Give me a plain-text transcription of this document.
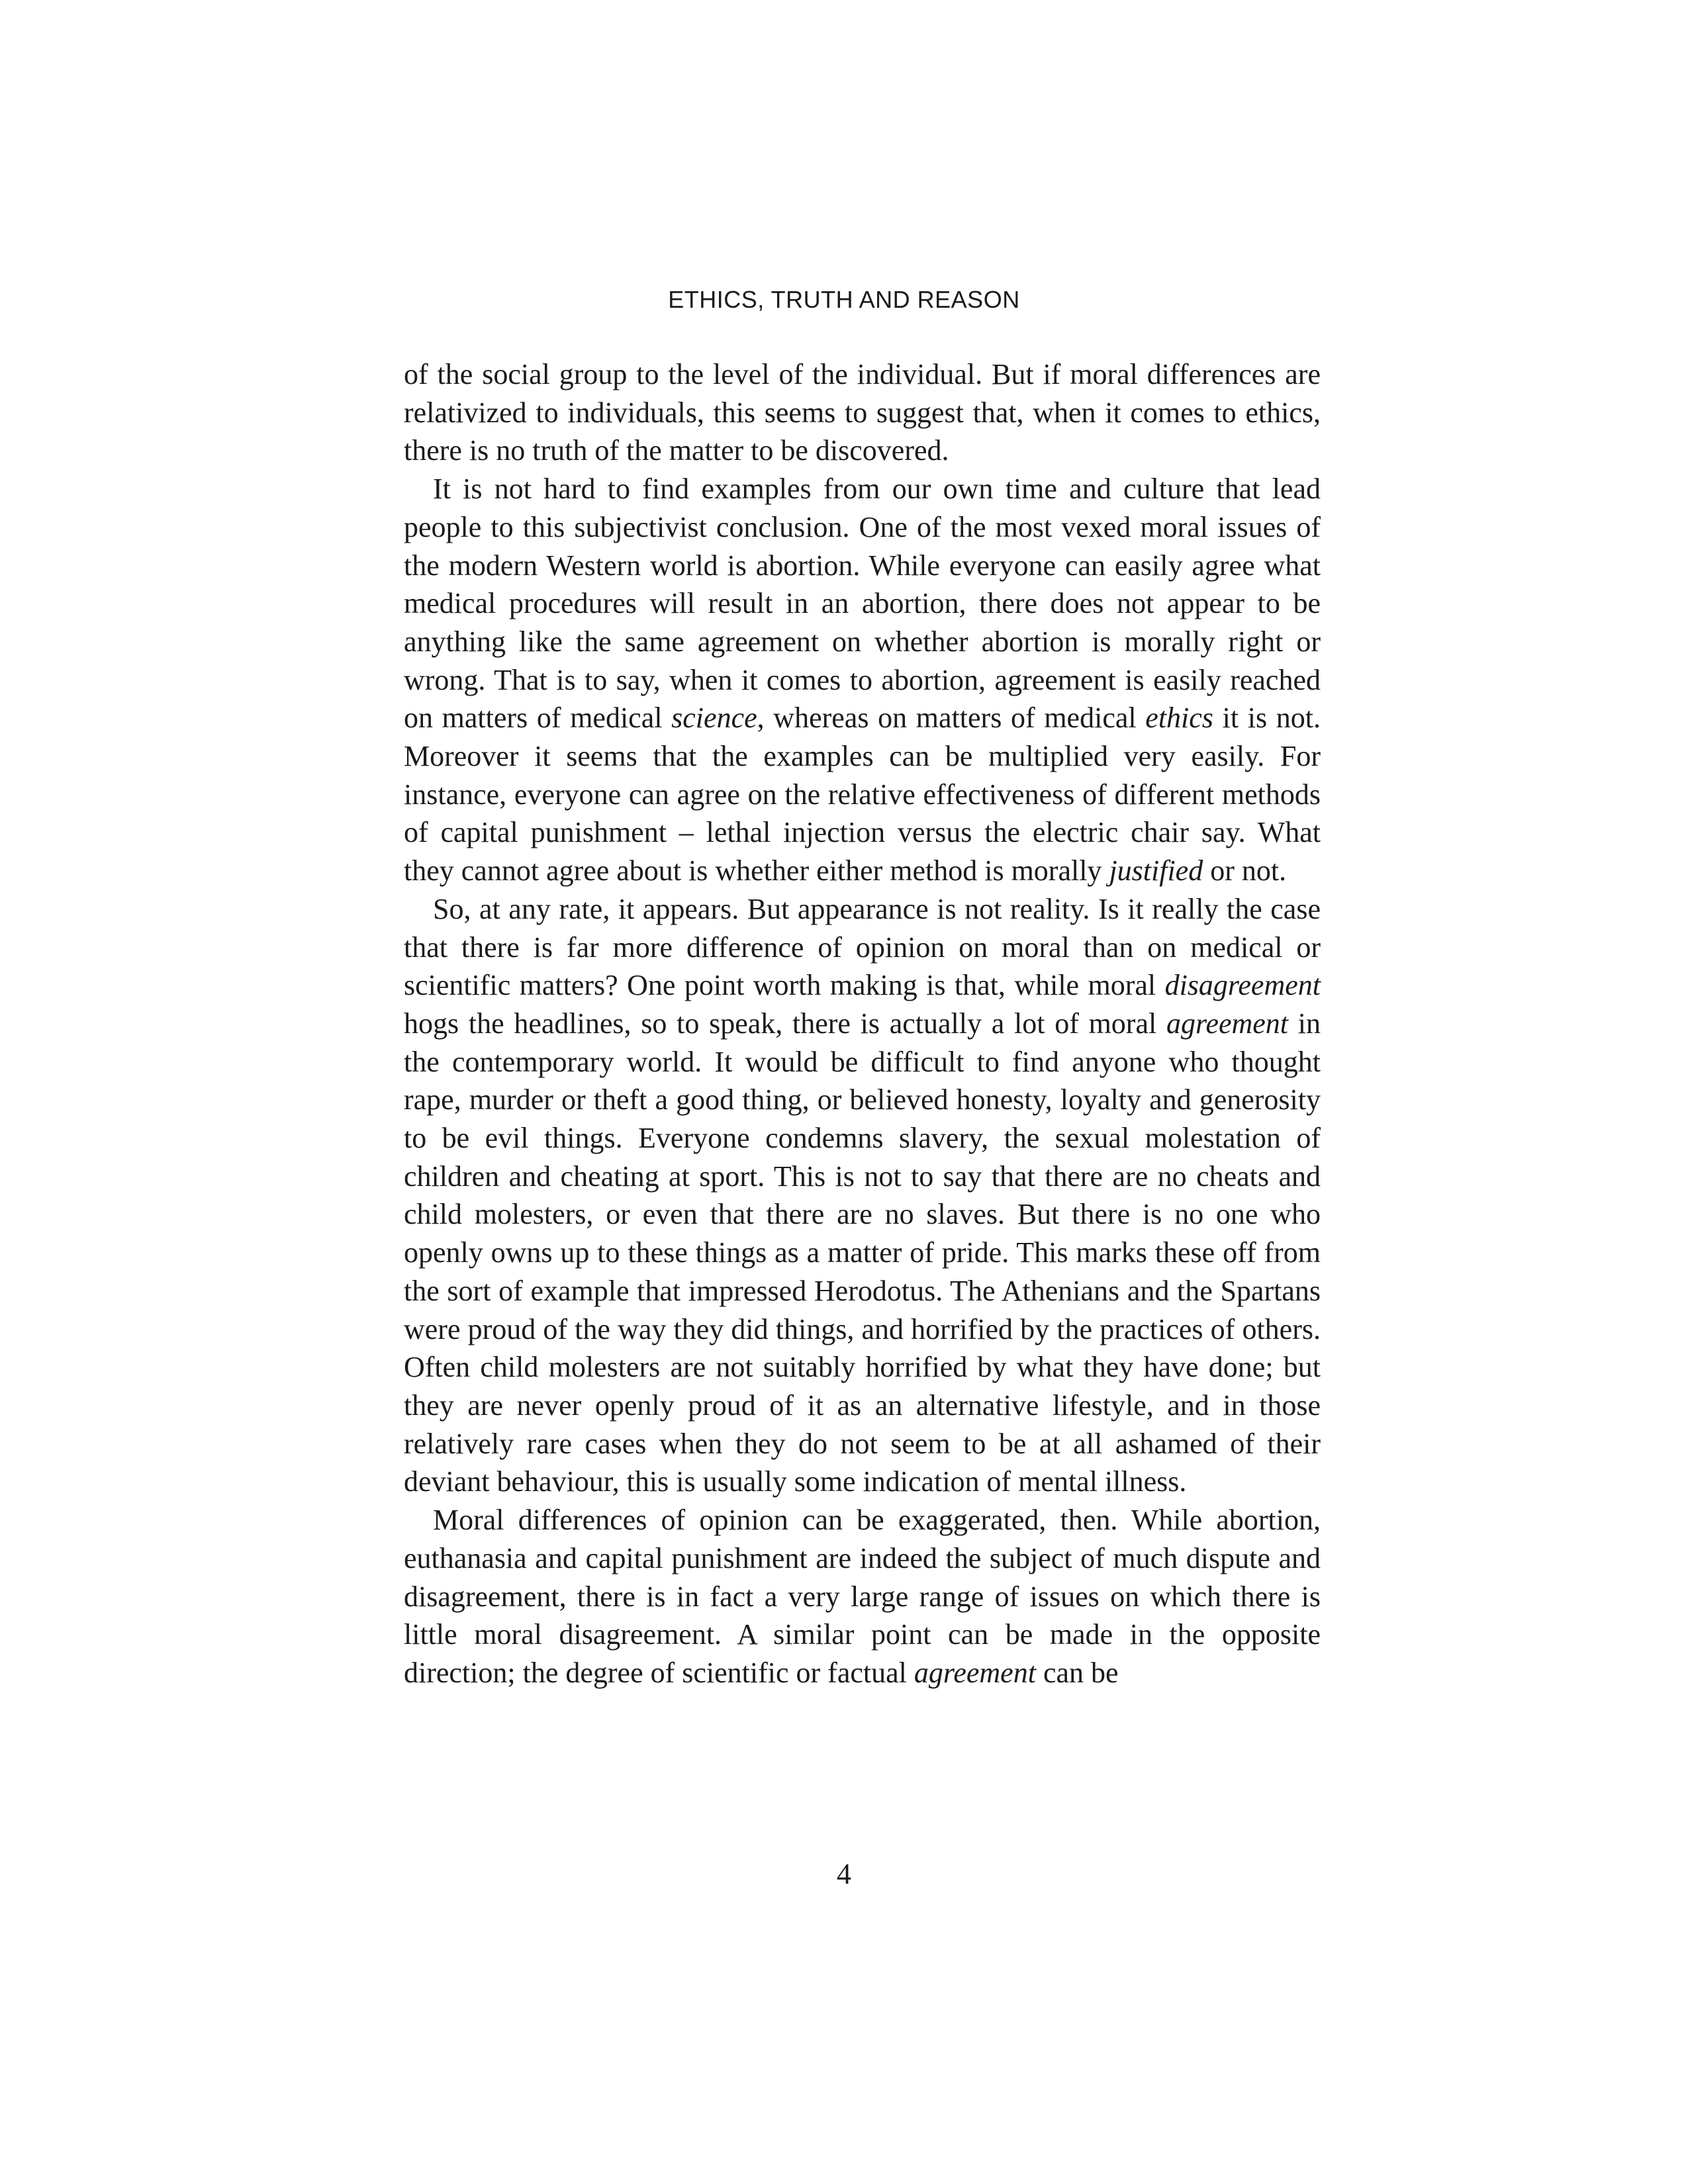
ETHICS, TRUTH AND REASON

of the social group to the level of the individual. But if moral differences are relativized to individuals, this seems to suggest that, when it comes to ethics, there is no truth of the matter to be discovered.

It is not hard to find examples from our own time and culture that lead people to this subjectivist conclusion. One of the most vexed moral issues of the modern Western world is abortion. While everyone can easily agree what medical procedures will result in an abortion, there does not appear to be anything like the same agreement on whether abortion is morally right or wrong. That is to say, when it comes to abortion, agreement is easily reached on matters of medical science, whereas on matters of medical ethics it is not. Moreover it seems that the examples can be multiplied very easily. For instance, everyone can agree on the relative effectiveness of different methods of capital punishment – lethal injection versus the electric chair say. What they cannot agree about is whether either method is morally justified or not.

So, at any rate, it appears. But appearance is not reality. Is it really the case that there is far more difference of opinion on moral than on medical or scientific matters? One point worth making is that, while moral disagreement hogs the headlines, so to speak, there is actually a lot of moral agreement in the contemporary world. It would be difficult to find anyone who thought rape, murder or theft a good thing, or believed honesty, loyalty and generosity to be evil things. Everyone condemns slavery, the sexual molestation of children and cheating at sport. This is not to say that there are no cheats and child molesters, or even that there are no slaves. But there is no one who openly owns up to these things as a matter of pride. This marks these off from the sort of example that impressed Herodotus. The Athenians and the Spartans were proud of the way they did things, and horrified by the practices of others. Often child molesters are not suitably horrified by what they have done; but they are never openly proud of it as an alternative lifestyle, and in those relatively rare cases when they do not seem to be at all ashamed of their deviant behaviour, this is usually some indication of mental illness.

Moral differences of opinion can be exaggerated, then. While abortion, euthanasia and capital punishment are indeed the subject of much dispute and disagreement, there is in fact a very large range of issues on which there is little moral disagreement. A similar point can be made in the opposite direction; the degree of scientific or factual agreement can be

4
